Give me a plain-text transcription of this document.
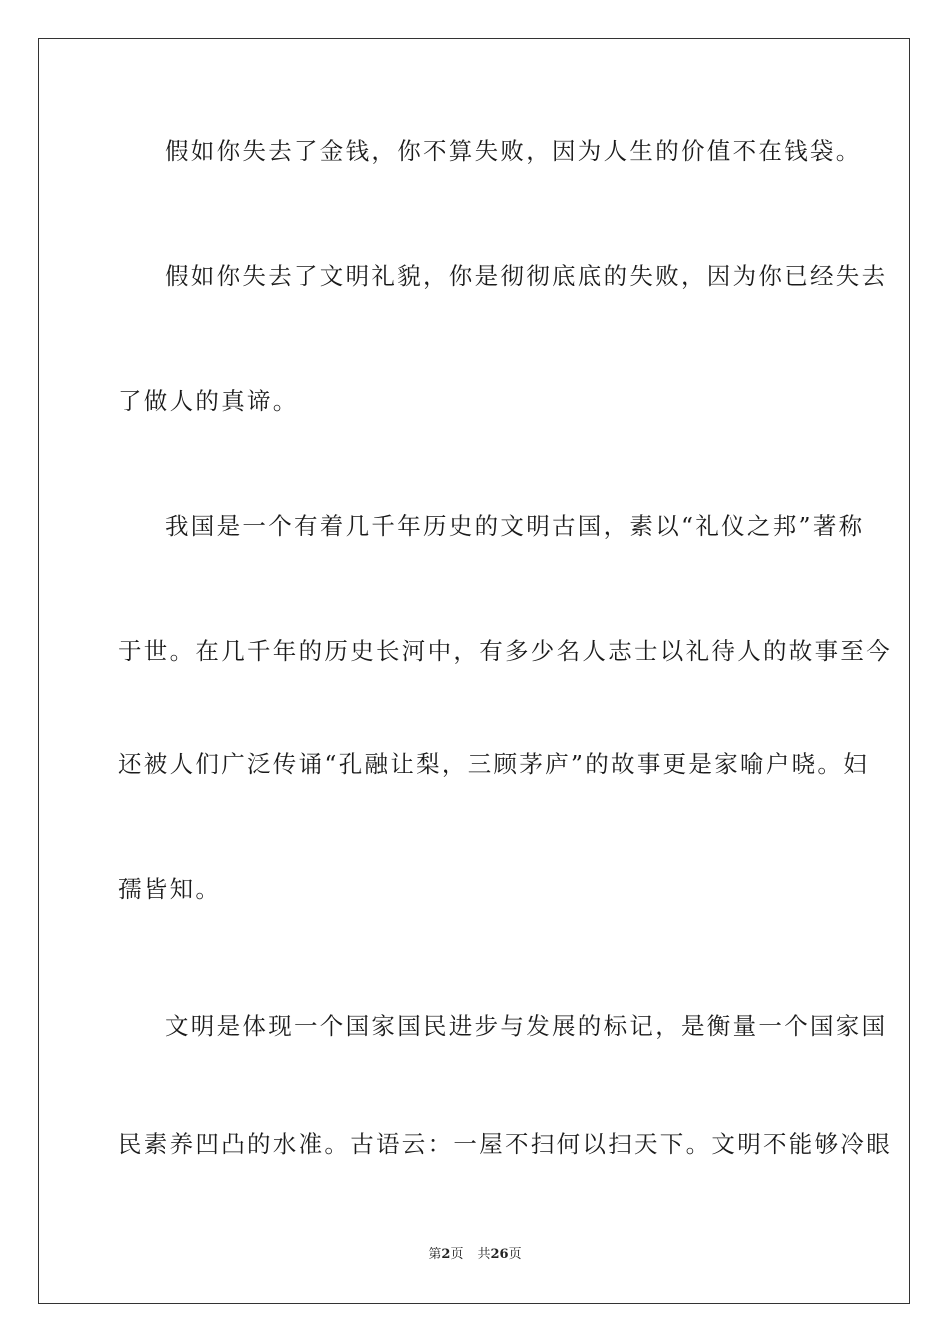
假如你失去了金钱，你不算失败，因为人生的价值不在钱袋。
假如你失去了文明礼貌，你是彻彻底底的失败，因为你已经失去
了做人的真谛。
我国是一个有着几千年历史的文明古国，素以“礼仪之邦”著称
于世。在几千年的历史长河中，有多少名人志士以礼待人的故事至今
还被人们广泛传诵“孔融让梨，三顾茅庐”的故事更是家喻户晓。妇
孺皆知。
文明是体现一个国家国民进步与发展的标记，是衡量一个国家国
民素养凹凸的水准。古语云：一屋不扫何以扫天下。文明不能够冷眼
第2页 共26页
